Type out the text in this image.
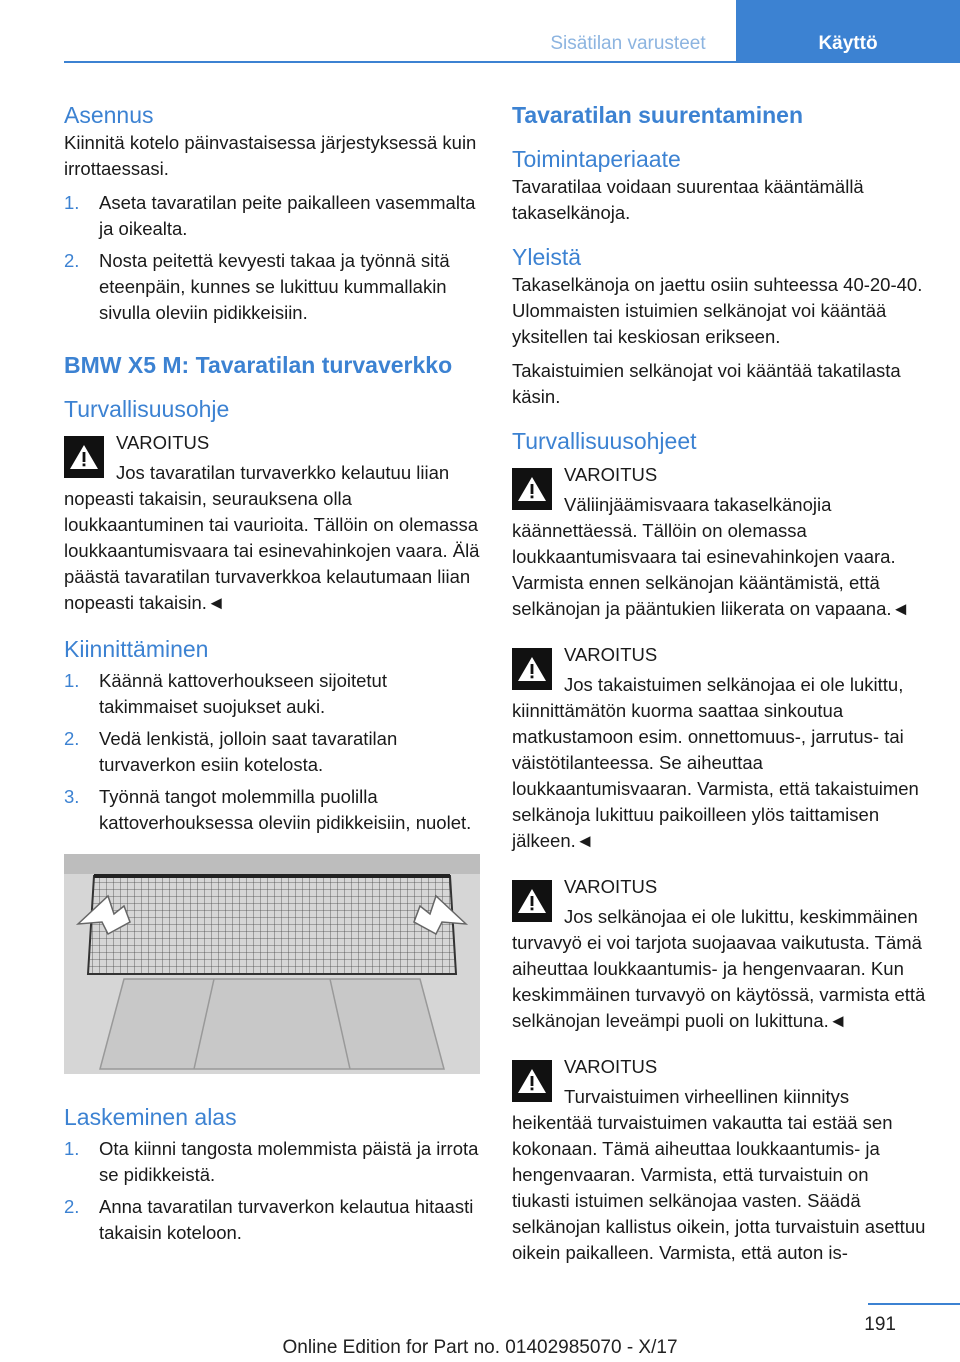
Sisätilan varusteet	Käyttö
Asennus

Kiinnitä kotelo päinvastaisessa järjestyksessä kuin irrottaessasi.

1. Aseta tavaratilan peite paikalleen vasemmalta ja oikealta.
2. Nosta peitettä kevyesti takaa ja työnnä sitä eteenpäin, kunnes se lukittuu kummallakin sivulla oleviin pidikkeisiin.
BMW X5 M: Tavaratilan turvaverkko
Turvallisuusohje
VAROITUS
Jos tavaratilan turvaverkko kelautuu liian nopeasti takaisin, seurauksena olla loukkaantuminen tai vaurioita. Tällöin on olemassa loukkaantumisvaara tai esinevahinkojen vaara. Älä päästä tavaratilan turvaverkkoa kelautumaan liian nopeasti takaisin.◄
Kiinnittäminen
1. Käännä kattoverhoukseen sijoitetut takimmaiset suojukset auki.
2. Vedä lenkistä, jolloin saat tavaratilan turvaverkon esiin kotelosta.
3. Työnnä tangot molemmilla puolilla kattoverhouksessa oleviin pidikkeisiin, nuolet.
Laskeminen alas
1. Ota kiinni tangosta molemmista päistä ja irrota se pidikkeistä.
2. Anna tavaratilan turvaverkon kelautua hitaasti takaisin koteloon.
Tavaratilan suurentaminen
Toimintaperiaate

Tavaratilaa voidaan suurentaa kääntämällä takaselkänoja.

Yleistä

Takaselkänoja on jaettu osiin suhteessa 40-20-40. Ulommaisten istuimien selkänojat voi kääntää yksitellen tai keskiosan erikseen.

Takaistuimien selkänojat voi kääntää takatilasta käsin.

Turvallisuusohjeet
VAROITUS
Väliinjäämisvaara takaselkänojia käännettäessä. Tällöin on olemassa loukkaantumisvaara tai esinevahinkojen vaara. Varmista ennen selkänojan kääntämistä, että selkänojan ja pääntukien liikerata on vapaana.◄
VAROITUS
Jos takaistuimen selkänojaa ei ole lukittu, kiinnittämätön kuorma saattaa sinkoutua matkustamoon esim. onnettomuus-, jarrutus- tai väistötilanteessa. Se aiheuttaa loukkaantumisvaaran. Varmista, että takaistuimen selkänoja lukittuu paikoilleen ylös taittamisen jälkeen.◄
VAROITUS
Jos selkänojaa ei ole lukittu, keskimmäinen turvavyö ei voi tarjota suojaavaa vaikutusta. Tämä aiheuttaa loukkaantumis- ja hengenvaaran. Kun keskimmäinen turvavyö on käytössä, varmista että selkänojan leveämpi puoli on lukittuna.◄
VAROITUS
Turvaistuimen virheellinen kiinnitys heikentää turvaistuimen vakautta tai estää sen kokonaan. Tämä aiheuttaa loukkaantumis- ja hengenvaaran. Varmista, että turvaistuin on tiukasti istuimen selkänojaa vasten. Säädä selkänojan kallistus oikein, jotta turvaistuin asettuu oikein paikalleen. Varmista, että auton is-
191
Online Edition for Part no. 01402985070 - X/17
